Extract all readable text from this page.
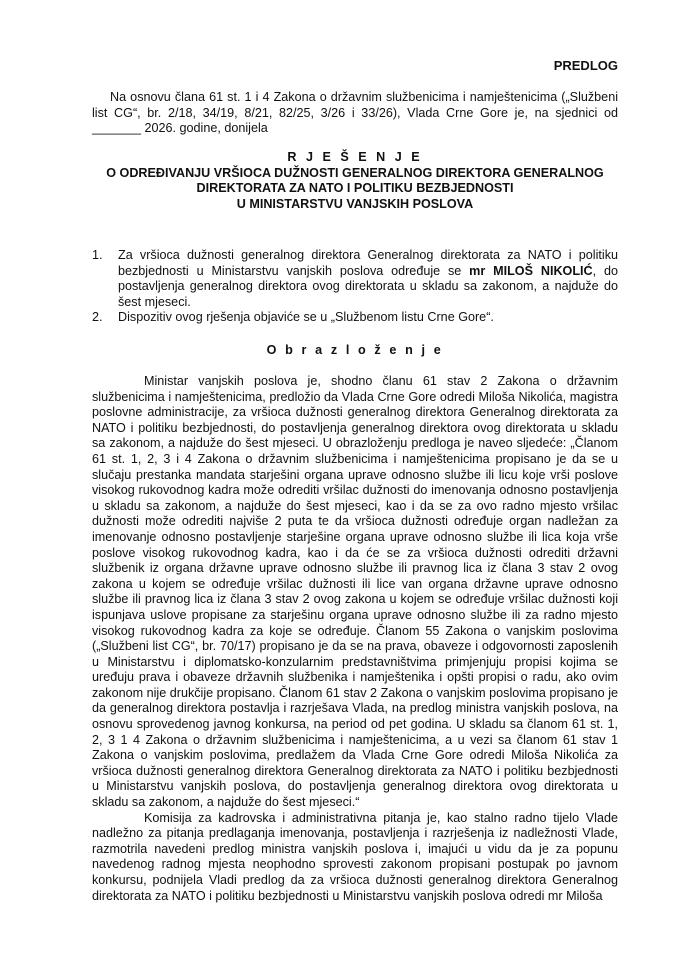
PREDLOG

Na osnovu člana 61 st. 1 i 4 Zakona o državnim službenicima i namještenicima („Službeni list CG“, br. 2/18, 34/19, 8/21, 82/25, 3/26 i 33/26), Vlada Crne Gore je, na sjednici od _______ 2026. godine, donijela

R J E Š E N J E
O ODREĐIVANJU VRŠIOCA DUŽNOSTI GENERALNOG DIREKTORA GENERALNOG
DIREKTORATA ZA NATO I POLITIKU BEZBJEDNOSTI
U MINISTARSTVU VANJSKIH POSLOVA
1. Za vršioca dužnosti generalnog direktora Generalnog direktorata za NATO i politiku bezbjednosti u Ministarstvu vanjskih poslova određuje se mr MILOŠ NIKOLIĆ, do postavljenja generalnog direktora ovog direktorata u skladu sa zakonom, a najduže do šest mjeseci.
2. Dispozitiv ovog rješenja objaviće se u „Službenom listu Crne Gore“.
O b r a z l o ž e n j e

Ministar vanjskih poslova je, shodno članu 61 stav 2 Zakona o državnim službenicima i namještenicima, predložio da Vlada Crne Gore odredi Miloša Nikolića, magistra poslovne administracije, za vršioca dužnosti generalnog direktora Generalnog direktorata za NATO i politiku bezbjednosti, do postavljenja generalnog direktora ovog direktorata u skladu sa zakonom, a najduže do šest mjeseci. U obrazloženju predloga je naveo sljedeće: „Članom 61 st. 1, 2, 3 i 4 Zakona o državnim službenicima i namještenicima propisano je da se u slučaju prestanka mandata starješini organa uprave odnosno službe ili licu koje vrši poslove visokog rukovodnog kadra može odrediti vršilac dužnosti do imenovanja odnosno postavljenja u skladu sa zakonom, a najduže do šest mjeseci, kao i da se za ovo radno mjesto vršilac dužnosti može odrediti najviše 2 puta te da vršioca dužnosti određuje organ nadležan za imenovanje odnosno postavljenje starješine organa uprave odnosno službe ili lica koja vrše poslove visokog rukovodnog kadra, kao i da će se za vršioca dužnosti odrediti državni službenik iz organa državne uprave odnosno službe ili pravnog lica iz člana 3 stav 2 ovog zakona u kojem se određuje vršilac dužnosti ili lice van organa državne uprave odnosno službe ili pravnog lica iz člana 3 stav 2 ovog zakona u kojem se određuje vršilac dužnosti koji ispunjava uslove propisane za starješinu organa uprave odnosno službe ili za radno mjesto visokog rukovodnog kadra za koje se određuje. Članom 55 Zakona o vanjskim poslovima („Službeni list CG“, br. 70/17) propisano je da se na prava, obaveze i odgovornosti zaposlenih u Ministarstvu i diplomatsko-konzularnim predstavništvima primjenjuju propisi kojima se uređuju prava i obaveze državnih službenika i namještenika i opšti propisi o radu, ako ovim zakonom nije drukčije propisano. Članom 61 stav 2 Zakona o vanjskim poslovima propisano je da generalnog direktora postavlja i razrješava Vlada, na predlog ministra vanjskih poslova, na osnovu sprovedenog javnog konkursa, na period od pet godina. U skladu sa članom 61 st. 1, 2, 3 1 4 Zakona o državnim službenicima i namještenicima, a u vezi sa članom 61 stav 1 Zakona o vanjskim poslovima, predlažem da Vlada Crne Gore odredi Miloša Nikolića za vršioca dužnosti generalnog direktora Generalnog direktorata za NATO i politiku bezbjednosti u Ministarstvu vanjskih poslova, do postavljenja generalnog direktora ovog direktorata u skladu sa zakonom, a najduže do šest mjeseci.“

Komisija za kadrovska i administrativna pitanja je, kao stalno radno tijelo Vlade nadležno za pitanja predlaganja imenovanja, postavljenja i razrješenja iz nadležnosti Vlade, razmotrila navedeni predlog ministra vanjskih poslova i, imajući u vidu da je za popunu navedenog radnog mjesta neophodno sprovesti zakonom propisani postupak po javnom konkursu, podnijela Vladi predlog da za vršioca dužnosti generalnog direktora Generalnog direktorata za NATO i politiku bezbjednosti u Ministarstvu vanjskih poslova odredi mr Miloša
